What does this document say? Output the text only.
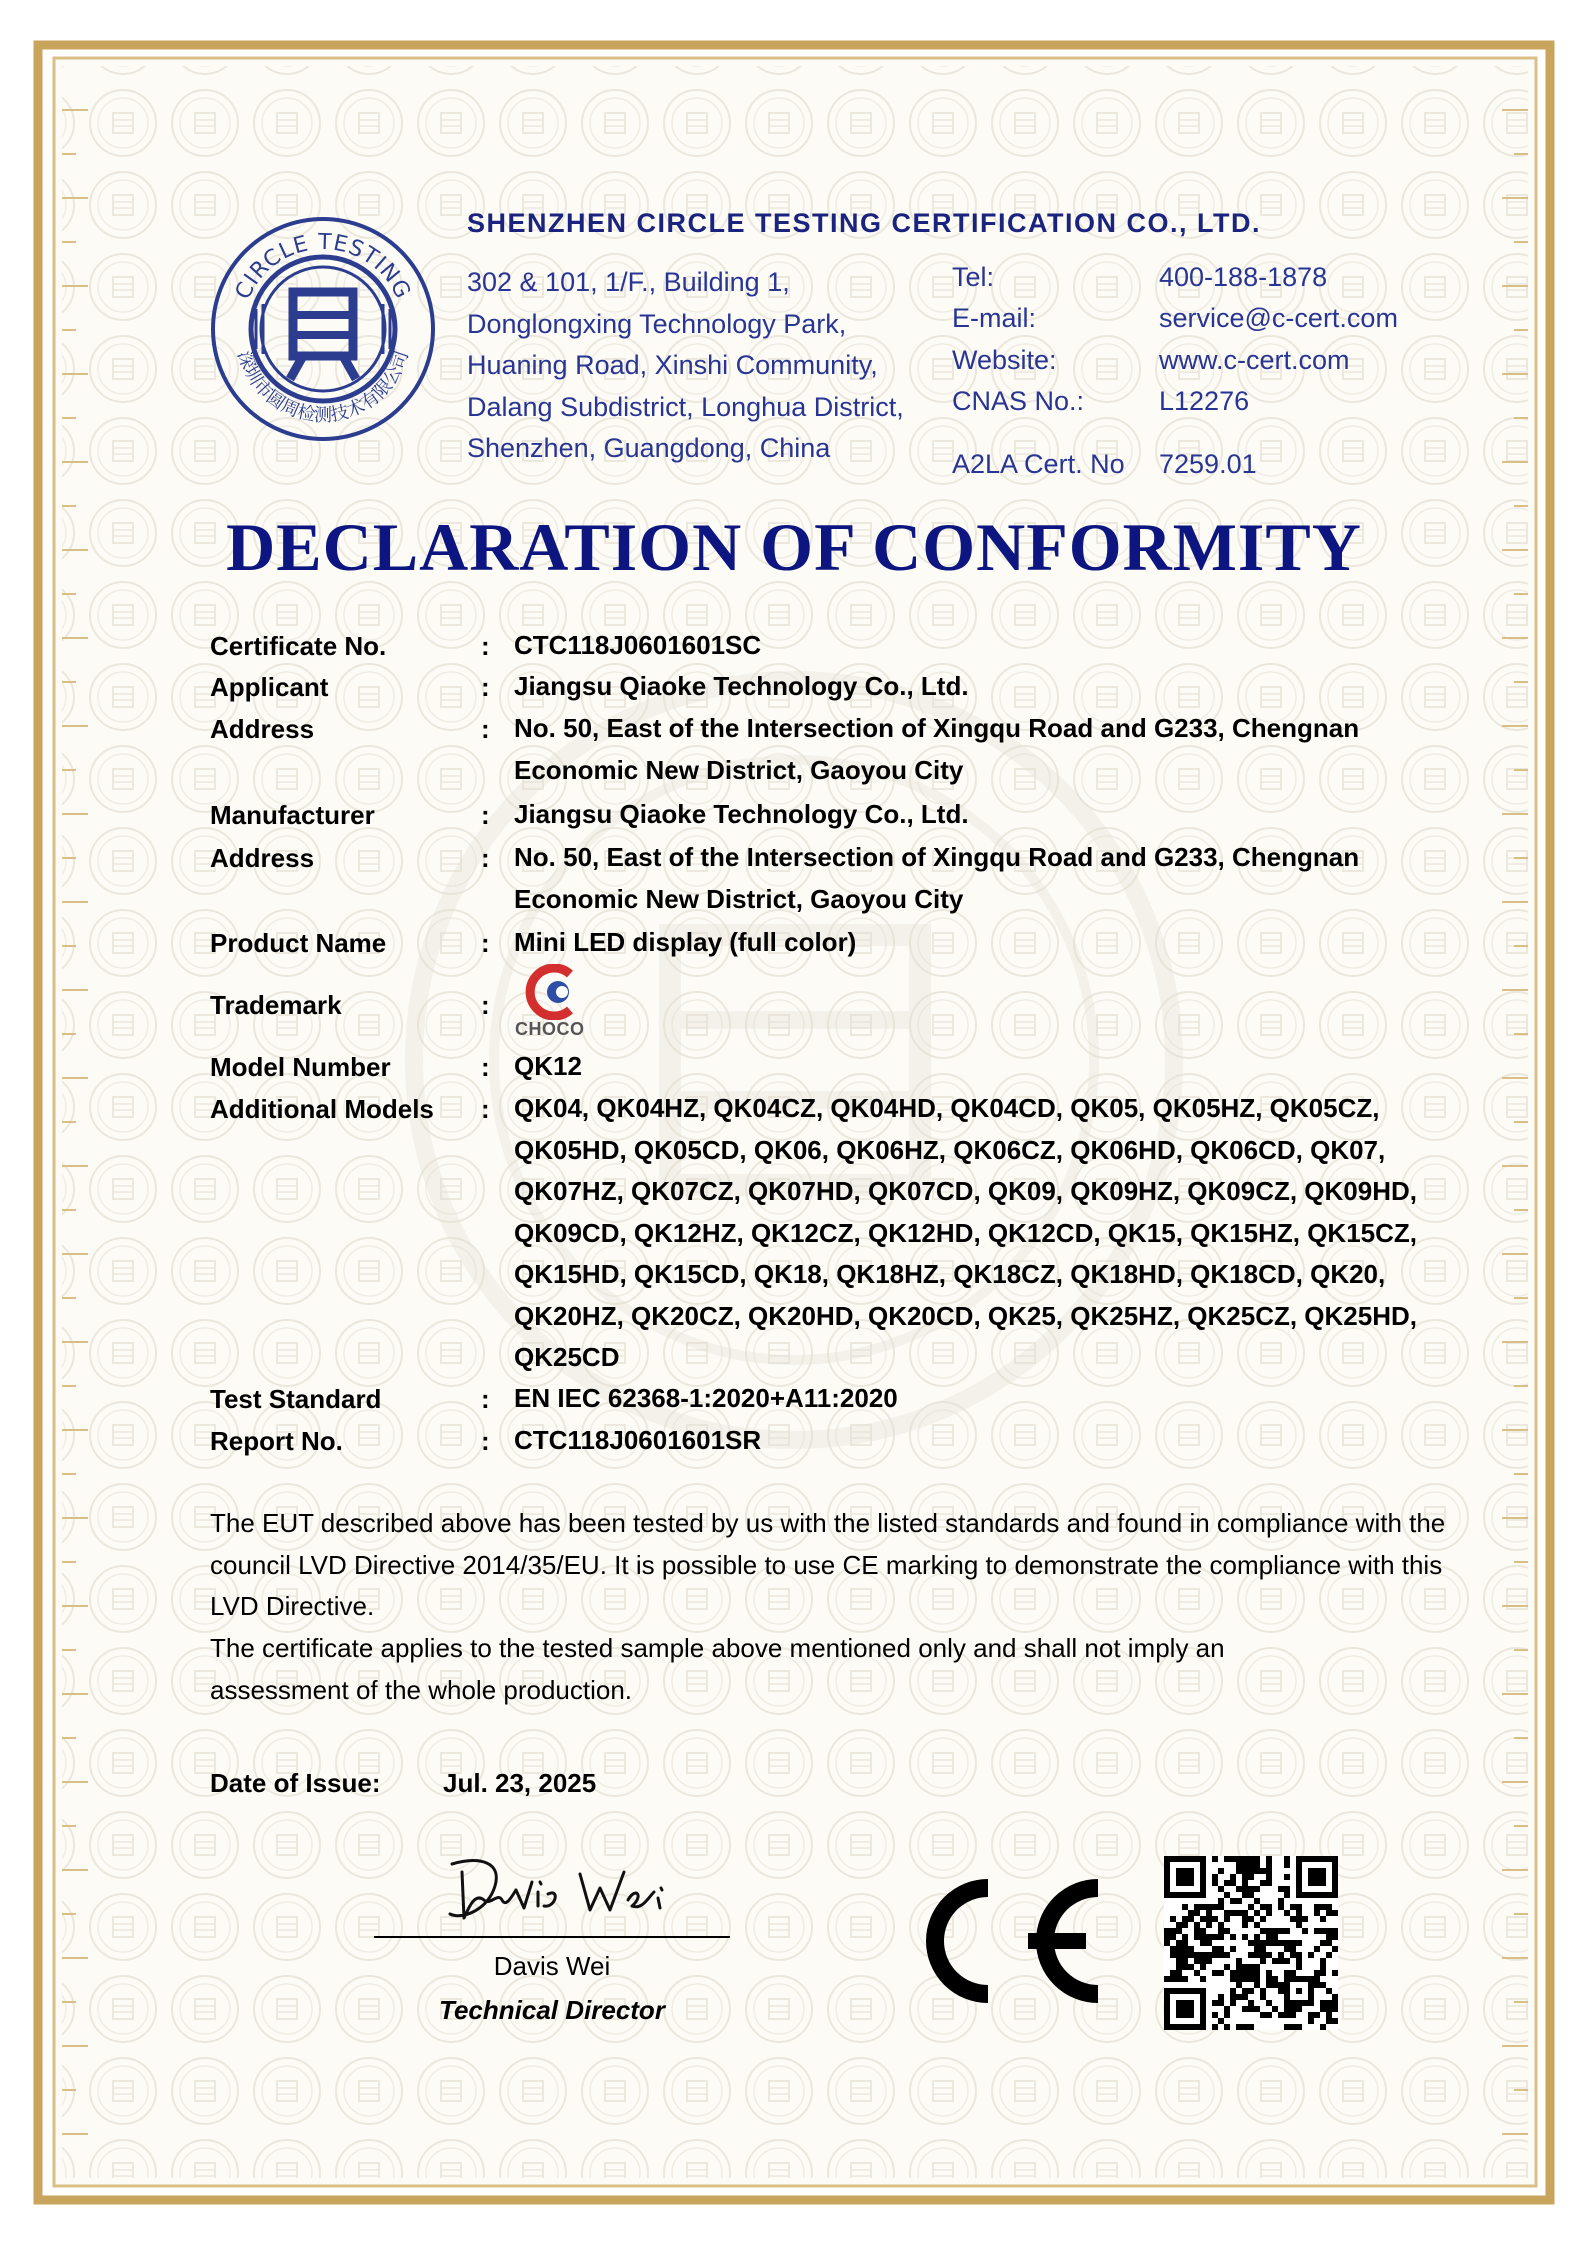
CIRCLE TESTING
深圳市圆周检测技术有限公司
SHENZHEN CIRCLE TESTING CERTIFICATION CO., LTD.
302 & 101, 1/F., Building 1,
Donglongxing Technology Park,
Huaning Road, Xinshi Community,
Dalang Subdistrict, Longhua District,
Shenzhen, Guangdong, China
Tel:	400-188-1878
E-mail:	service@c-cert.com
Website:	www.c-cert.com
CNAS No.:	L12276
A2LA Cert. No 7259.01
DECLARATION OF CONFORMITY
Certificate No.	: CTC118J0601601SC
Applicant	: Jiangsu Qiaoke Technology Co., Ltd.
Address	: No. 50, East of the Intersection of Xingqu Road and G233, Chengnan Economic New District, Gaoyou City
Manufacturer	: Jiangsu Qiaoke Technology Co., Ltd.
Address	: No. 50, East of the Intersection of Xingqu Road and G233, Chengnan Economic New District, Gaoyou City
Product Name	: Mini LED display (full color)
Trademark	:
CHOCO
Model Number	: QK12
Additional Models : QK04, QK04HZ, QK04CZ, QK04HD, QK04CD, QK05, QK05HZ, QK05CZ, QK05HD, QK05CD, QK06, QK06HZ, QK06CZ, QK06HD, QK06CD, QK07, QK07HZ, QK07CZ, QK07HD, QK07CD, QK09, QK09HZ, QK09CZ, QK09HD, QK09CD, QK12HZ, QK12CZ, QK12HD, QK12CD, QK15, QK15HZ, QK15CZ, QK15HD, QK15CD, QK18, QK18HZ, QK18CZ, QK18HD, QK18CD, QK20, QK20HZ, QK20CZ, QK20HD, QK20CD, QK25, QK25HZ, QK25CZ, QK25HD, QK25CD
Test Standard	: EN IEC 62368-1:2020+A11:2020
Report No.	: CTC118J0601601SR
The EUT described above has been tested by us with the listed standards and found in compliance with the council LVD Directive 2014/35/EU. It is possible to use CE marking to demonstrate the compliance with this LVD Directive.
The certificate applies to the tested sample above mentioned only and shall not imply an assessment of the whole production.
Date of Issue: Jul. 23, 2025
Davis Wei
Technical Director
